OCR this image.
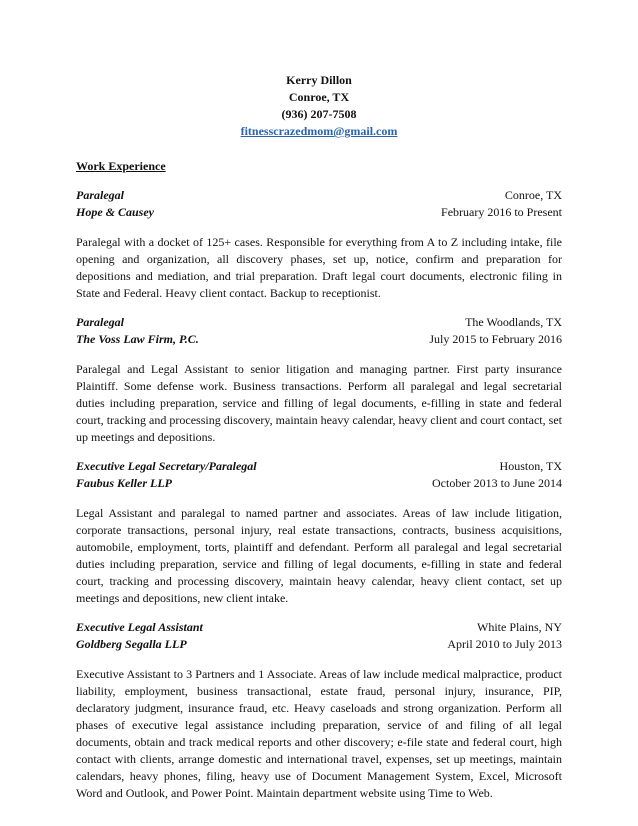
Kerry Dillon
Conroe, TX
(936) 207-7508
fitnesscrazedmom@gmail.com
Work Experience
Paralegal	Conroe, TX
Hope & Causey	February 2016 to Present
Paralegal with a docket of 125+ cases. Responsible for everything from A to Z including intake, file opening and organization, all discovery phases, set up, notice, confirm and preparation for depositions and mediation, and trial preparation. Draft legal court documents, electronic filing in State and Federal. Heavy client contact. Backup to receptionist.
Paralegal	The Woodlands, TX
The Voss Law Firm, P.C.	July 2015 to February 2016
Paralegal and Legal Assistant to senior litigation and managing partner. First party insurance Plaintiff. Some defense work. Business transactions. Perform all paralegal and legal secretarial duties including preparation, service and filling of legal documents, e-filling in state and federal court, tracking and processing discovery, maintain heavy calendar, heavy client and court contact, set up meetings and depositions.
Executive Legal Secretary/Paralegal	Houston, TX
Faubus Keller LLP	October 2013 to June 2014
Legal Assistant and paralegal to named partner and associates. Areas of law include litigation, corporate transactions, personal injury, real estate transactions, contracts, business acquisitions, automobile, employment, torts, plaintiff and defendant. Perform all paralegal and legal secretarial duties including preparation, service and filling of legal documents, e-filling in state and federal court, tracking and processing discovery, maintain heavy calendar, heavy client contact, set up meetings and depositions, new client intake.
Executive Legal Assistant	White Plains, NY
Goldberg Segalla LLP	April 2010 to July 2013
Executive Assistant to 3 Partners and 1 Associate. Areas of law include medical malpractice, product liability, employment, business transactional, estate fraud, personal injury, insurance, PIP, declaratory judgment, insurance fraud, etc. Heavy caseloads and strong organization. Perform all phases of executive legal assistance including preparation, service of and filing of all legal documents, obtain and track medical reports and other discovery; e-file state and federal court, high contact with clients, arrange domestic and international travel, expenses, set up meetings, maintain calendars, heavy phones, filing, heavy use of Document Management System, Excel, Microsoft Word and Outlook, and Power Point. Maintain department website using Time to Web.
